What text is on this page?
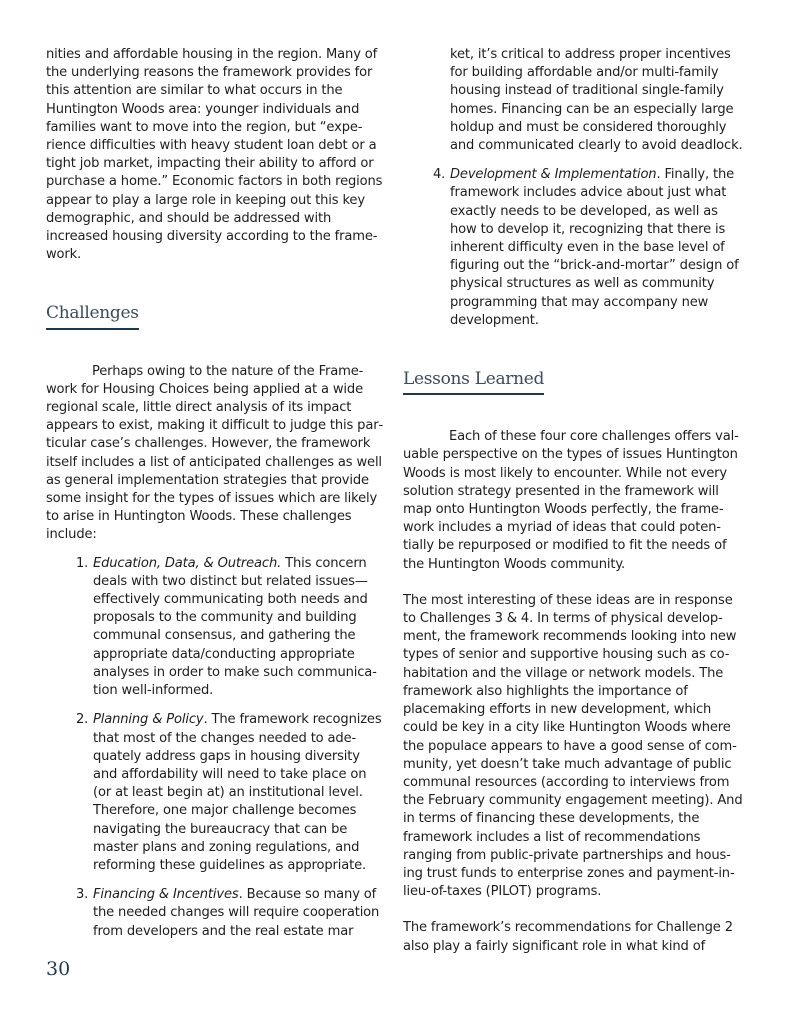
nities and affordable housing in the region. Many of the underlying reasons the framework provides for this attention are similar to what occurs in the Huntington Woods area: younger individuals and families want to move into the region, but “experience difficulties with heavy student loan debt or a tight job market, impacting their ability to afford or purchase a home.” Economic factors in both regions appear to play a large role in keeping out this key demographic, and should be addressed with increased housing diversity according to the framework.

Challenges

Perhaps owing to the nature of the Framework for Housing Choices being applied at a wide regional scale, little direct analysis of its impact appears to exist, making it difficult to judge this particular case’s challenges. However, the framework itself includes a list of anticipated challenges as well as general implementation strategies that provide some insight for the types of issues which are likely to arise in Huntington Woods. These challenges include:

1. Education, Data, & Outreach. This concern deals with two distinct but related issues—effectively communicating both needs and proposals to the community and building communal consensus, and gathering the appropriate data/conducting appropriate analyses in order to make such communication well-informed.
2. Planning & Policy. The framework recognizes that most of the changes needed to adequately address gaps in housing diversity and affordability will need to take place on (or at least begin at) an institutional level. Therefore, one major challenge becomes navigating the bureaucracy that can be master plans and zoning regulations, and reforming these guidelines as appropriate.
3. Financing & Incentives. Because so many of the needed changes will require cooperation from developers and the real estate mar
ket, it’s critical to address proper incentives for building affordable and/or multi-family housing instead of traditional single-family homes. Financing can be an especially large holdup and must be considered thoroughly and communicated clearly to avoid deadlock.
4. Development & Implementation. Finally, the framework includes advice about just what exactly needs to be developed, as well as how to develop it, recognizing that there is inherent difficulty even in the base level of figuring out the “brick-and-mortar” design of physical structures as well as community programming that may accompany new development.
Lessons Learned

Each of these four core challenges offers valuable perspective on the types of issues Huntington Woods is most likely to encounter. While not every solution strategy presented in the framework will map onto Huntington Woods perfectly, the framework includes a myriad of ideas that could potentially be repurposed or modified to fit the needs of the Huntington Woods community.

The most interesting of these ideas are in response to Challenges 3 & 4. In terms of physical development, the framework recommends looking into new types of senior and supportive housing such as co-habitation and the village or network models. The framework also highlights the importance of placemaking efforts in new development, which could be key in a city like Huntington Woods where the populace appears to have a good sense of community, yet doesn’t take much advantage of public communal resources (according to interviews from the February community engagement meeting). And in terms of financing these developments, the framework includes a list of recommendations ranging from public-private partnerships and housing trust funds to enterprise zones and payment-in-lieu-of-taxes (PILOT) programs.

The framework’s recommendations for Challenge 2 also play a fairly significant role in what kind of

30
